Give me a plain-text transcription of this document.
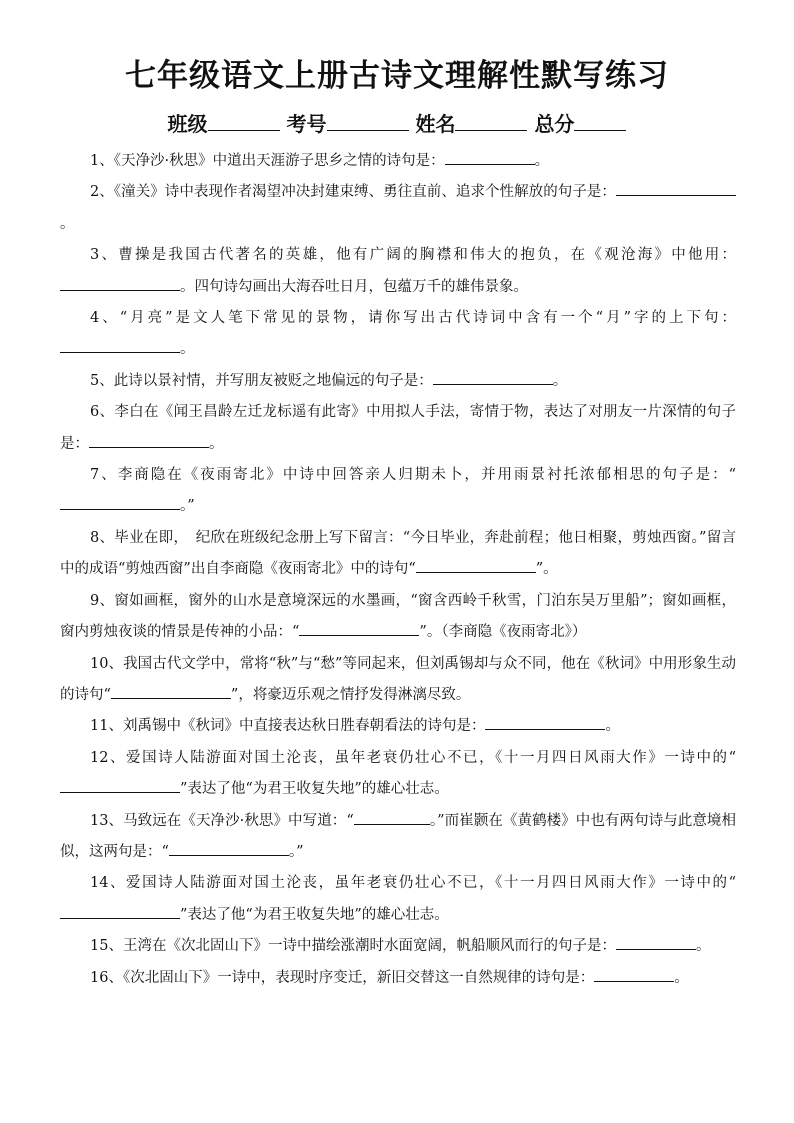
七年级语文上册古诗文理解性默写练习
班级	考号	姓名	总分

1、《天净沙·秋思》中道出天涯游子思乡之情的诗句是：	。

2、《潼关》诗中表现作者渴望冲决封建束缚、勇往直前、追求个性解放的句子是：。

3、曹操是我国古代著名的英雄，他有广阔的胸襟和伟大的抱负，在《观沧海》中他用：。四句诗勾画出大海吞吐日月，包蕴万千的雄伟景象。

4、“月亮”是文人笔下常见的景物，请你写出古代诗词中含有一个“月”字的上下句：。

5、此诗以景衬情，并写朋友被贬之地偏远的句子是：	。

6、李白在《闻王昌龄左迁龙标遥有此寄》中用拟人手法，寄情于物，表达了对朋友一片深情的句子是：	。

7、李商隐在《夜雨寄北》中诗中回答亲人归期未卜，并用雨景衬托浓郁相思的句子是：“。”

8、毕业在即，　纪欣在班级纪念册上写下留言：“今日毕业，奔赴前程；他日相聚，剪烛西窗。”留言中的成语“剪烛西窗”出自李商隐《夜雨寄北》中的诗句“	”。

9、窗如画框，窗外的山水是意境深远的水墨画，“窗含西岭千秋雪，门泊东吴万里船”；窗如画框，窗内剪烛夜谈的情景是传神的小品：“	”。（李商隐《夜雨寄北》）

10、我国古代文学中，常将“秋”与“愁”等同起来，但刘禹锡却与众不同，他在《秋词》中用形象生动的诗句“	”，将豪迈乐观之情抒发得淋漓尽致。

11、刘禹锡中《秋词》中直接表达秋日胜春朝看法的诗句是：	。

12、爱国诗人陆游面对国土沦丧，虽年老衰仍壮心不已，《十一月四日风雨大作》一诗中的“”表达了他“为君王收复失地”的雄心壮志。

13、马致远在《天净沙·秋思》中写道：“	。”而崔颢在《黄鹤楼》中也有两句诗与此意境相似，这两句是：“	。”

14、爱国诗人陆游面对国土沦丧，虽年老衰仍壮心不已，《十一月四日风雨大作》一诗中的“”表达了他“为君王收复失地”的雄心壮志。

15、王湾在《次北固山下》一诗中描绘涨潮时水面宽阔，帆船顺风而行的句子是：	。

16、《次北固山下》一诗中，表现时序变迁，新旧交替这一自然规律的诗句是：	。
